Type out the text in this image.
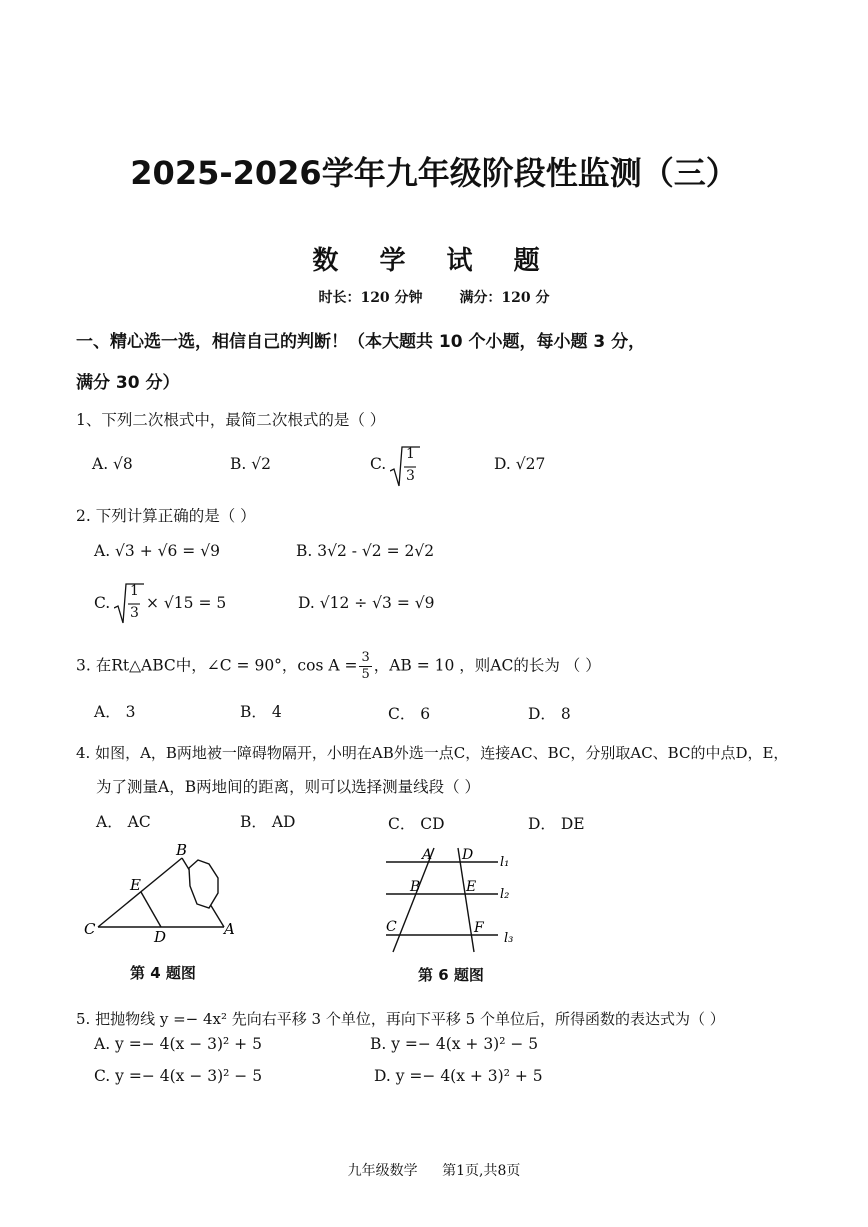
2025-2026学年九年级阶段性监测（三）
数 学 试 题
时长：120 分钟	满分：120 分
一、精心选一选，相信自己的判断！（本大题共 10 个小题，每小题 3 分，
满分 30 分）
1、下列二次根式中，最简二次根式的是（ ）
A. √8	B. √2	C.
1
3
D. √27
2. 下列计算正确的是（ ）
A. √3 + √6 = √9	B. 3√2 - √2 = 2√2
C.
1
3
× √15 = 5	D. √12 ÷ √3 = √9
3. 在Rt△ABC中，∠C = 90°，$\cos A = \frac{3}{5}$ ，AB = 10 ，则AC的长为 （ ）
A． 3	B． 4	C． 6	D． 8
4. 如图，A，B两地被一障碍物隔开，小明在AB外选一点C，连接AC、BC，分别取AC、BC的中点D，E，
为了测量A，B两地间的距离，则可以选择测量线段（ ）
A． AC	B． AD	C． CD	D． DE
B
E
C	D	A
第 4 题图
A D l₁
B	E l₂
C	F
l₃
第 6 题图
5. 把抛物线 y =− 4x² 先向右平移 3 个单位，再向下平移 5 个单位后，所得函数的表达式为（ ）
A. y =− 4(x − 3)² + 5	B. y =− 4(x + 3)² − 5
C. y =− 4(x − 3)² − 5	D. y =− 4(x + 3)² + 5
九年级数学 第1页,共8页
